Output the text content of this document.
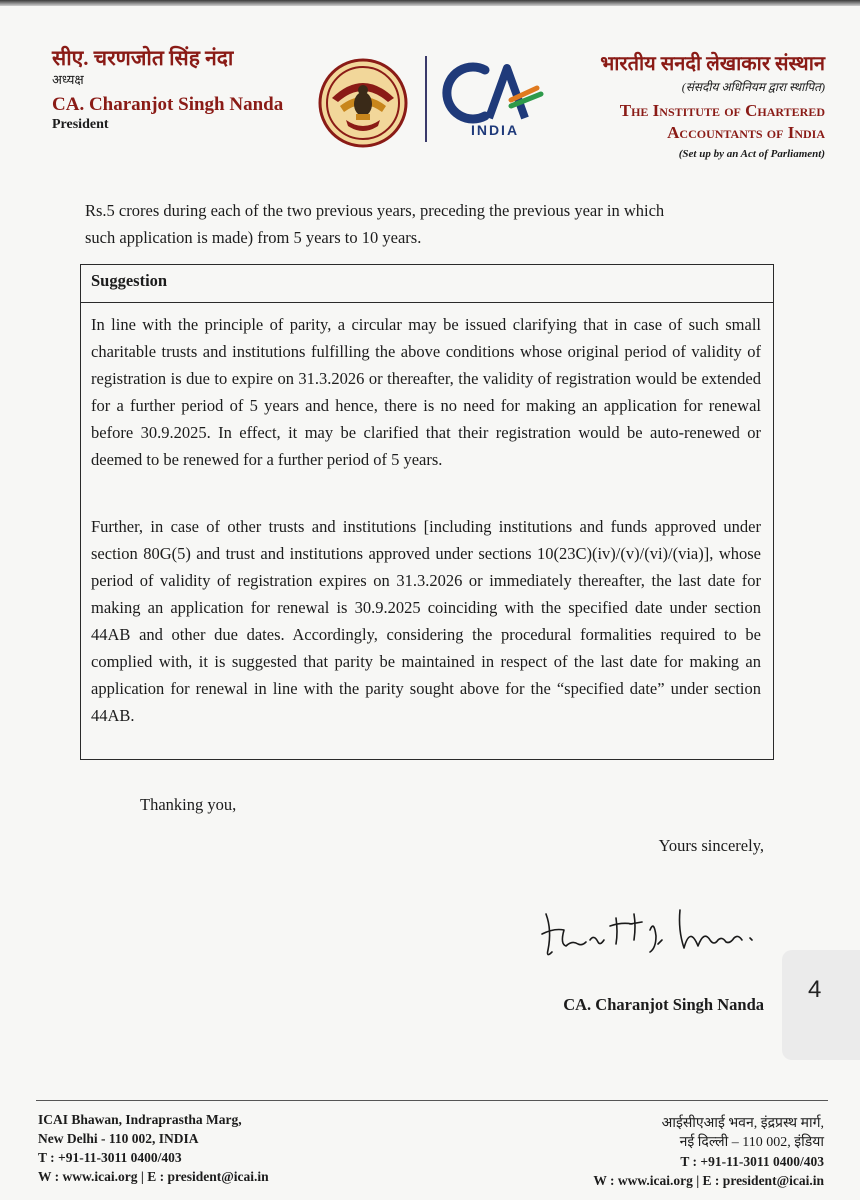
सीए. चरणजोत सिंह नंदा
अध्यक्ष
CA. Charanjot Singh Nanda
President	INDIA
भारतीय सनदी लेखाकार संस्थान
(संसदीय अधिनियम द्वारा स्थापित)
The Institute of Chartered
Accountants of India
(Set up by an Act of Parliament)
Rs.5 crores during each of the two previous years, preceding the previous year in which
such application is made) from 5 years to 10 years.
Suggestion
In line with the principle of parity, a circular may be issued clarifying that in case of such small charitable trusts and institutions fulfilling the above conditions whose original period of validity of registration is due to expire on 31.3.2026 or thereafter, the validity of registration would be extended for a further period of 5 years and hence, there is no need for making an application for renewal before 30.9.2025. In effect, it may be clarified that their registration would be auto-renewed or deemed to be renewed for a further period of 5 years.
Further, in case of other trusts and institutions [including institutions and funds approved under section 80G(5) and trust and institutions approved under sections 10(23C)(iv)/(v)/(vi)/(via)], whose period of validity of registration expires on 31.3.2026 or immediately thereafter, the last date for making an application for renewal is 30.9.2025 coinciding with the specified date under section 44AB and other due dates. Accordingly, considering the procedural formalities required to be complied with, it is suggested that parity be maintained in respect of the last date for making an application for renewal in line with the parity sought above for the “specified date” under section 44AB.
Thanking you,
Yours sincerely,
CA. Charanjot Singh Nanda
4
ICAI Bhawan, Indraprastha Marg,
New Delhi - 110 002, INDIA
T : +91-11-3011 0400/403
W : www.icai.org | E : president@icai.in
आईसीएआई भवन, इंद्रप्रस्थ मार्ग,
नई दिल्ली – 110 002, इंडिया
T : +91-11-3011 0400/403
W : www.icai.org | E : president@icai.in
